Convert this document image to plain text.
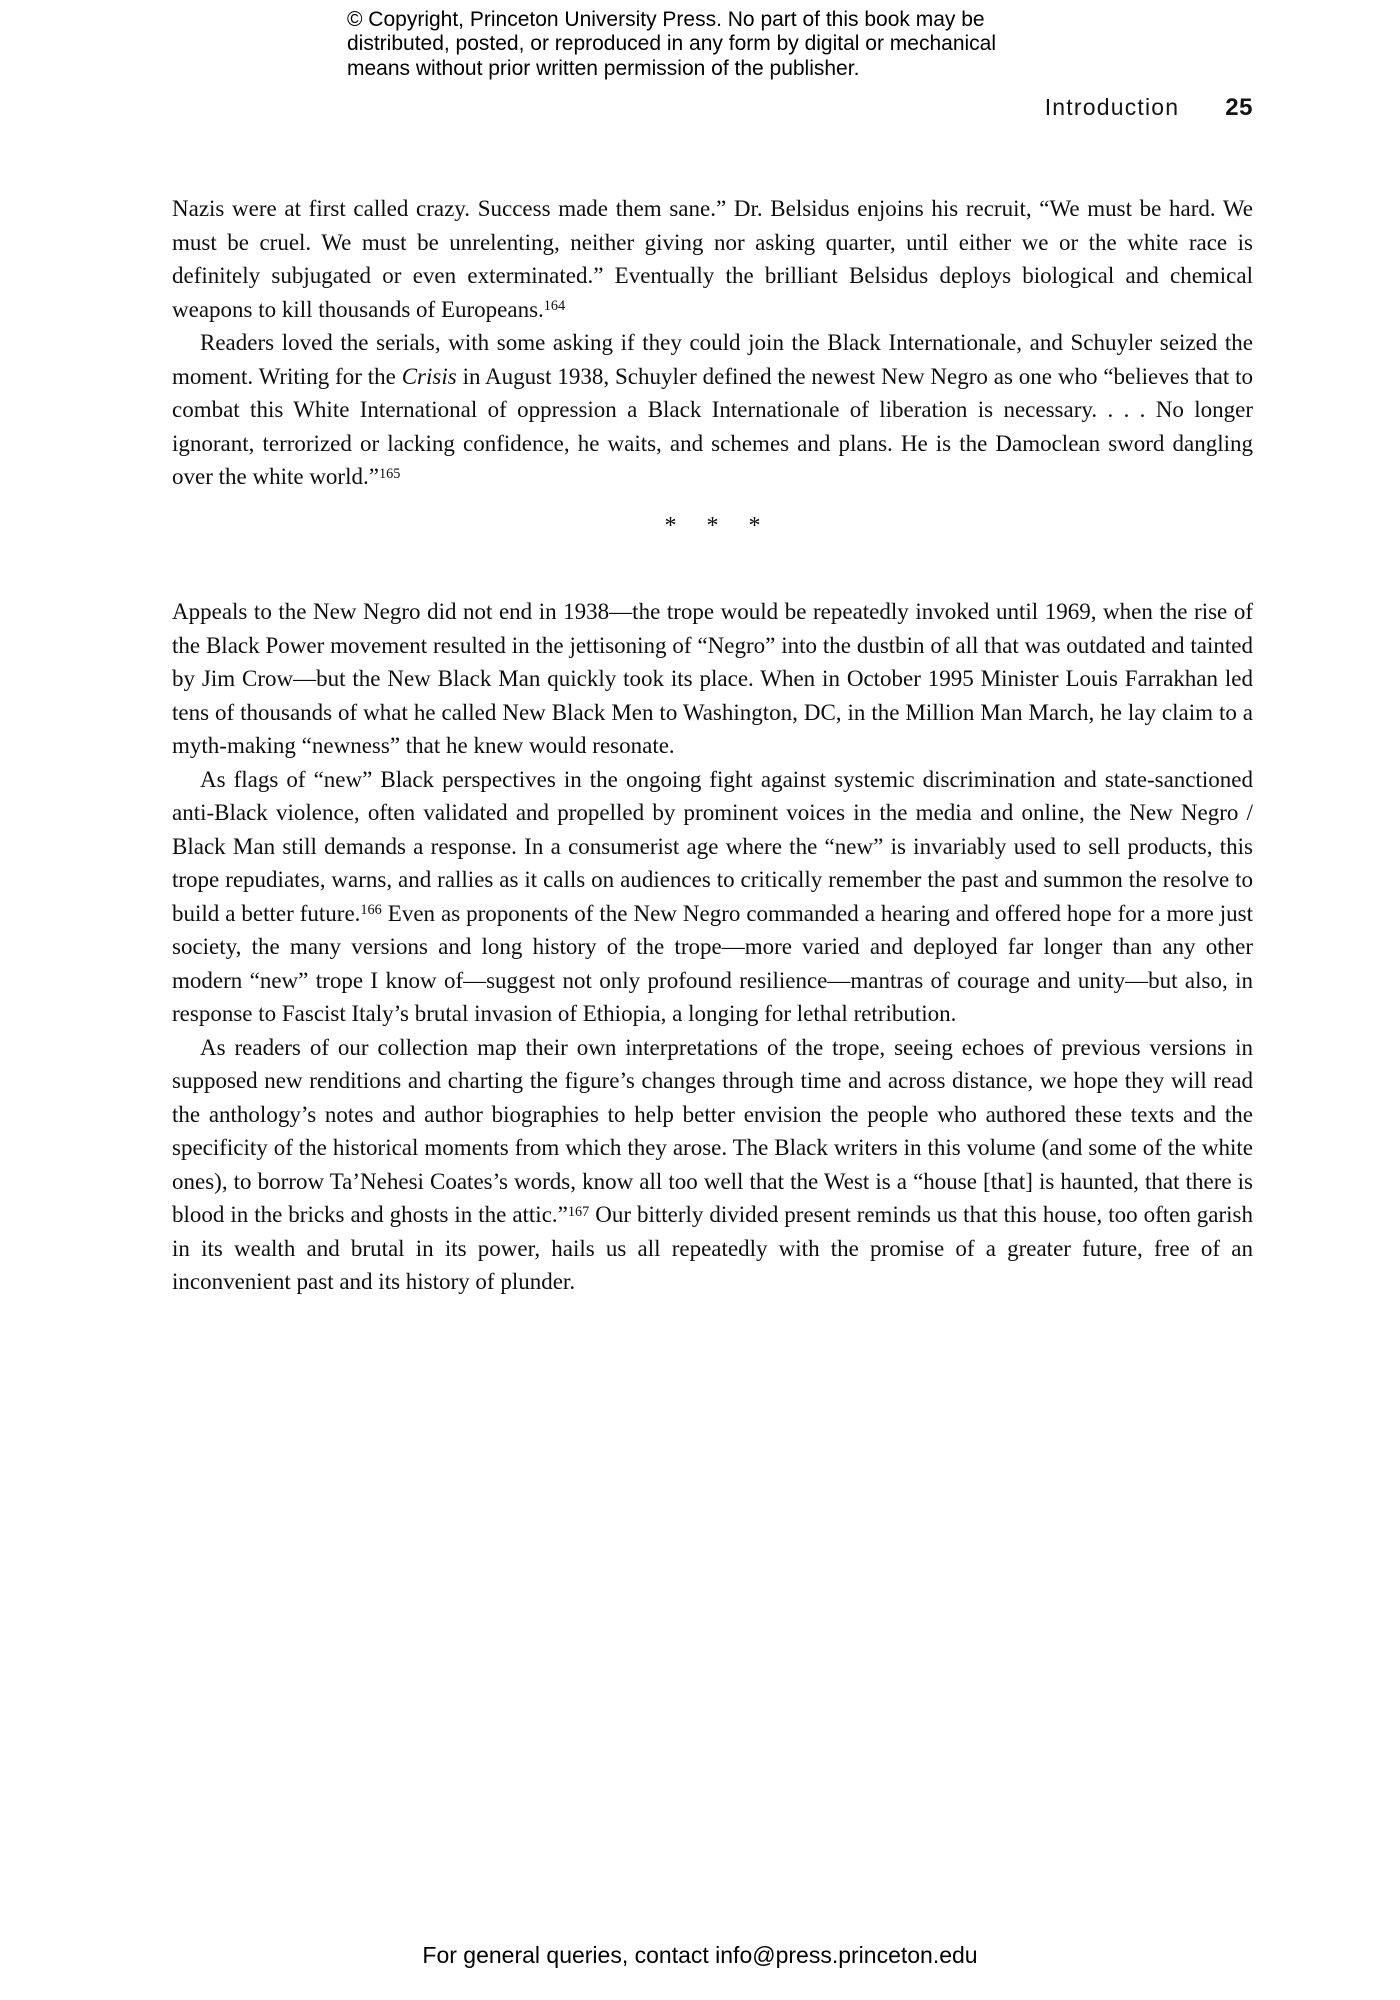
© Copyright, Princeton University Press. No part of this book may be
distributed, posted, or reproduced in any form by digital or mechanical
means without prior written permission of the publisher.
Introduction 25

Nazis were at first called crazy. Success made them sane.” Dr. Belsidus enjoins his recruit, “We must be hard. We must be cruel. We must be unrelenting, neither giving nor asking quarter, until either we or the white race is definitely subjugated or even exterminated.” Eventually the brilliant Belsidus deploys biological and chemical weapons to kill thousands of Europeans.$^{164}$

Readers loved the serials, with some asking if they could join the Black Internationale, and Schuyler seized the moment. Writing for the Crisis in August 1938, Schuyler defined the newest New Negro as one who “believes that to combat this White International of oppression a Black Internationale of liberation is necessary. . . . No longer ignorant, terrorized or lacking confidence, he waits, and schemes and plans. He is the Damoclean sword dangling over the white world.”$^{165}$

* * *

Appeals to the New Negro did not end in 1938—the trope would be repeatedly invoked until 1969, when the rise of the Black Power movement resulted in the jettisoning of “Negro” into the dustbin of all that was outdated and tainted by Jim Crow—but the New Black Man quickly took its place. When in October 1995 Minister Louis Farrakhan led tens of thousands of what he called New Black Men to Washington, DC, in the Million Man March, he lay claim to a myth-making “newness” that he knew would resonate.

As flags of “new” Black perspectives in the ongoing fight against systemic discrimination and state-sanctioned anti-Black violence, often validated and propelled by prominent voices in the media and online, the New Negro / Black Man still demands a response. In a consumerist age where the “new” is invariably used to sell products, this trope repudiates, warns, and rallies as it calls on audiences to critically remember the past and summon the resolve to build a better future.$^{166}$ Even as proponents of the New Negro commanded a hearing and offered hope for a more just society, the many versions and long history of the trope—more varied and deployed far longer than any other modern “new” trope I know of—suggest not only profound resilience—mantras of courage and unity—but also, in response to Fascist Italy’s brutal invasion of Ethiopia, a longing for lethal retribution.

As readers of our collection map their own interpretations of the trope, seeing echoes of previous versions in supposed new renditions and charting the figure’s changes through time and across distance, we hope they will read the anthology’s notes and author biographies to help better envision the people who authored these texts and the specificity of the historical moments from which they arose. The Black writers in this volume (and some of the white ones), to borrow Ta’Nehesi Coates’s words, know all too well that the West is a “house [that] is haunted, that there is blood in the bricks and ghosts in the attic.”$^{167}$ Our bitterly divided present reminds us that this house, too often garish in its wealth and brutal in its power, hails us all repeatedly with the promise of a greater future, free of an inconvenient past and its history of plunder.

For general queries, contact info@press.princeton.edu
